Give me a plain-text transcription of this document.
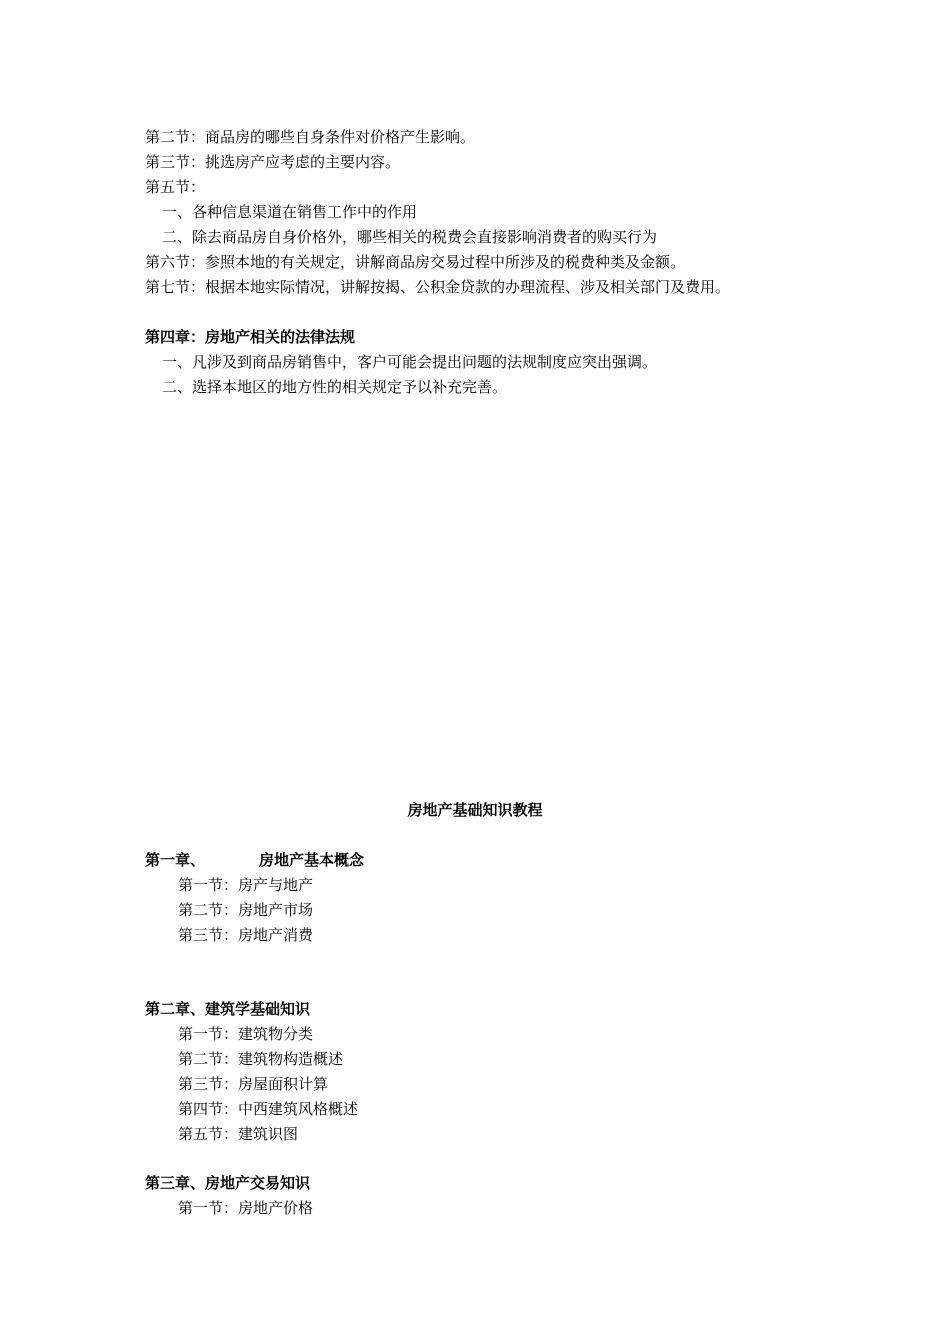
第二节：商品房的哪些自身条件对价格产生影响。
第三节：挑选房产应考虑的主要内容。
第五节：
一、各种信息渠道在销售工作中的作用
二、除去商品房自身价格外，哪些相关的税费会直接影响消费者的购买行为
第六节：参照本地的有关规定，讲解商品房交易过程中所涉及的税费种类及金额。
第七节：根据本地实际情况，讲解按揭、公积金贷款的办理流程、涉及相关部门及费用。
第四章：房地产相关的法律法规
一、凡涉及到商品房销售中，客户可能会提出问题的法规制度应突出强调。
二、选择本地区的地方性的相关规定予以补充完善。
房地产基础知识教程
第一章、	房地产基本概念
第一节：房产与地产
第二节：房地产市场
第三节：房地产消费
第二章、建筑学基础知识
第一节：建筑物分类
第二节：建筑物构造概述
第三节：房屋面积计算
第四节：中西建筑风格概述
第五节：建筑识图
第三章、房地产交易知识
第一节：房地产价格
